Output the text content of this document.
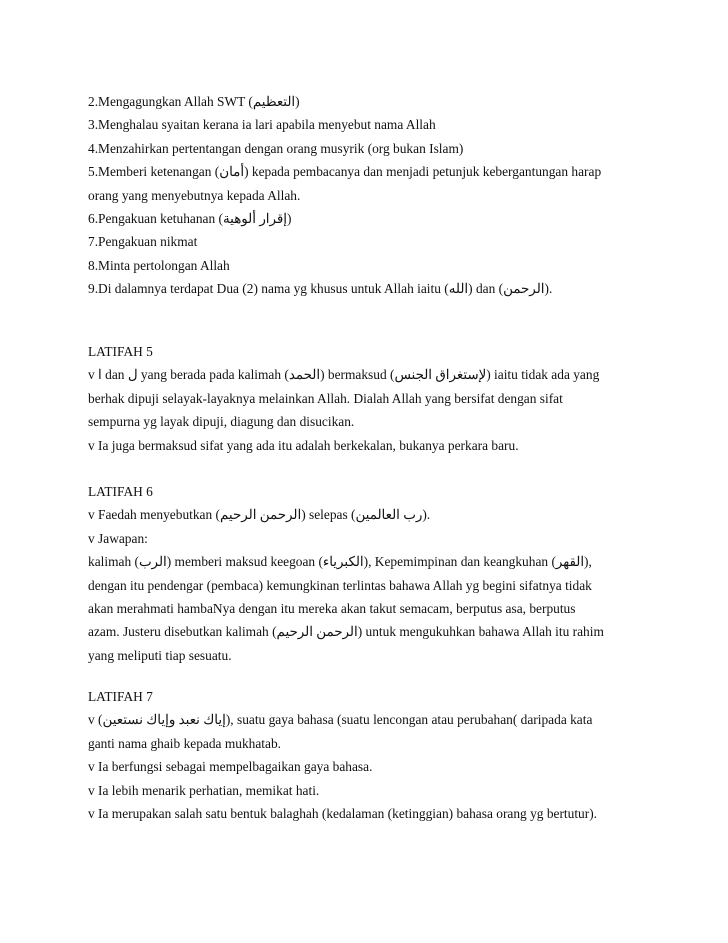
2.Mengagungkan Allah SWT (التعظيم)
3.Menghalau syaitan kerana ia lari apabila menyebut nama Allah
4.Menzahirkan pertentangan dengan orang musyrik (org bukan Islam)
5.Memberi ketenangan (أمان) kepada pembacanya dan menjadi petunjuk kebergantungan harap
orang yang menyebutnya kepada Allah.
6.Pengakuan ketuhanan (إقرار ألوهية)
7.Pengakuan nikmat
8.Minta pertolongan Allah
9.Di dalamnya terdapat Dua (2) nama yg khusus untuk Allah iaitu (الله) dan (الرحمن).
LATIFAH 5
v ا dan ل yang berada pada kalimah (الحمد) bermaksud (لإستغراق الجنس) iaitu tidak ada yang
berhak dipuji selayak-layaknya melainkan Allah. Dialah Allah yang bersifat dengan sifat
sempurna yg layak dipuji, diagung dan disucikan.
v Ia juga bermaksud sifat yang ada itu adalah berkekalan, bukanya perkara baru.
LATIFAH 6
v Faedah menyebutkan (الرحمن الرحيم) selepas (رب العالمين).
v Jawapan:
kalimah (الرب) memberi maksud keegoan (الكبرياء), Kepemimpinan dan keangkuhan (القهر),
dengan itu pendengar (pembaca) kemungkinan terlintas bahawa Allah yg begini sifatnya tidak
akan merahmati hambaNya dengan itu mereka akan takut semacam, berputus asa, berputus
azam. Justeru disebutkan kalimah (الرحمن الرحيم) untuk mengukuhkan bahawa Allah itu rahim
yang meliputi tiap sesuatu.
LATIFAH 7
v (إياك نعبد وإياك نستعين), suatu gaya bahasa (suatu lencongan atau perubahan( daripada kata
ganti nama ghaib kepada mukhatab.
v Ia berfungsi sebagai mempelbagaikan gaya bahasa.
v Ia lebih menarik perhatian, memikat hati.
v Ia merupakan salah satu bentuk balaghah (kedalaman (ketinggian) bahasa orang yg bertutur).
